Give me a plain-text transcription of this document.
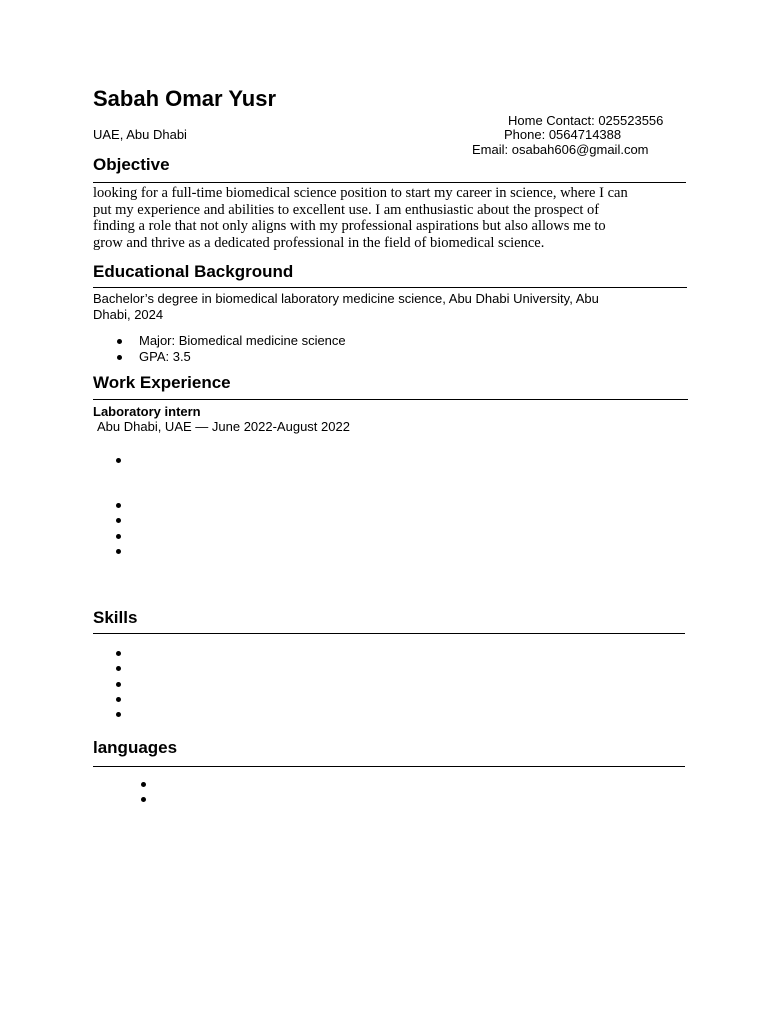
Sabah Omar Yusr
Home Contact: 025523556
UAE, Abu Dhabi	Phone: 0564714388
Email: osabah606@gmail.com
Objective

looking for a full-time biomedical science position to start my career in science, where I can
put my experience and abilities to excellent use. I am enthusiastic about the prospect of
finding a role that not only aligns with my professional aspirations but also allows me to
grow and thrive as a dedicated professional in the field of biomedical science.

Educational Background
Bachelor’s degree in biomedical laboratory medicine science, Abu Dhabi University, Abu
Dhabi, 2024
Major: Biomedical medicine science
GPA: 3.5
Work Experience
Laboratory intern
Abu Dhabi, UAE — June 2022-August 2022
Skills
languages
